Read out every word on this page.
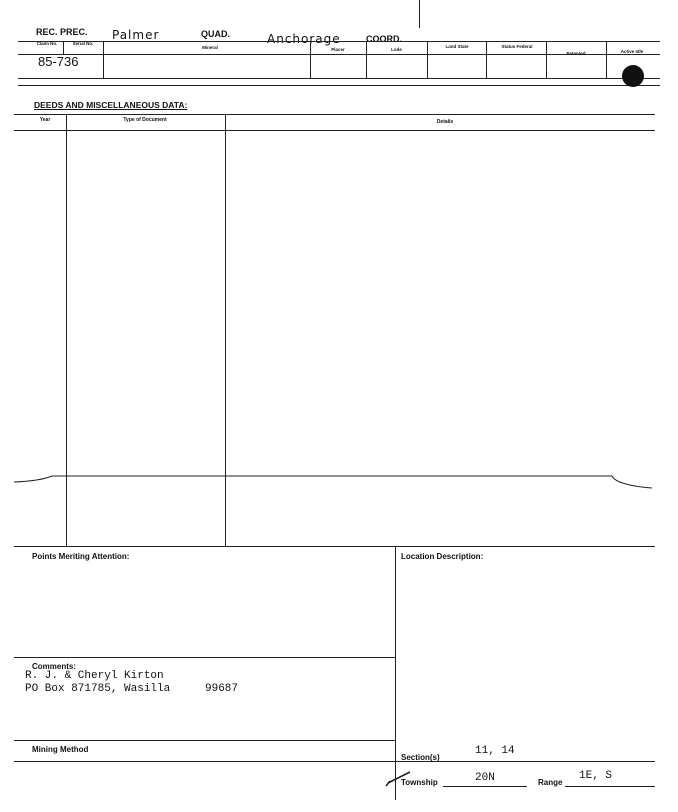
REC. PREC. Palmer	QUAD.	Anchorage	COORD.
Claim No.	Serial No.
Mineral	Placer	Lode
Land State	Status Federal
Patented	Active Idle
85-736
DEEDS AND MISCELLANEOUS DATA:
Year	Type of Document	Details
Points Meriting Attention:	Location Description:
Comments:
R. J. & Cheryl Kirton
PO Box 871785, Wasilla	99687
Mining Method
Section(s)
11, 14
Township	20N	Range
1E, S
